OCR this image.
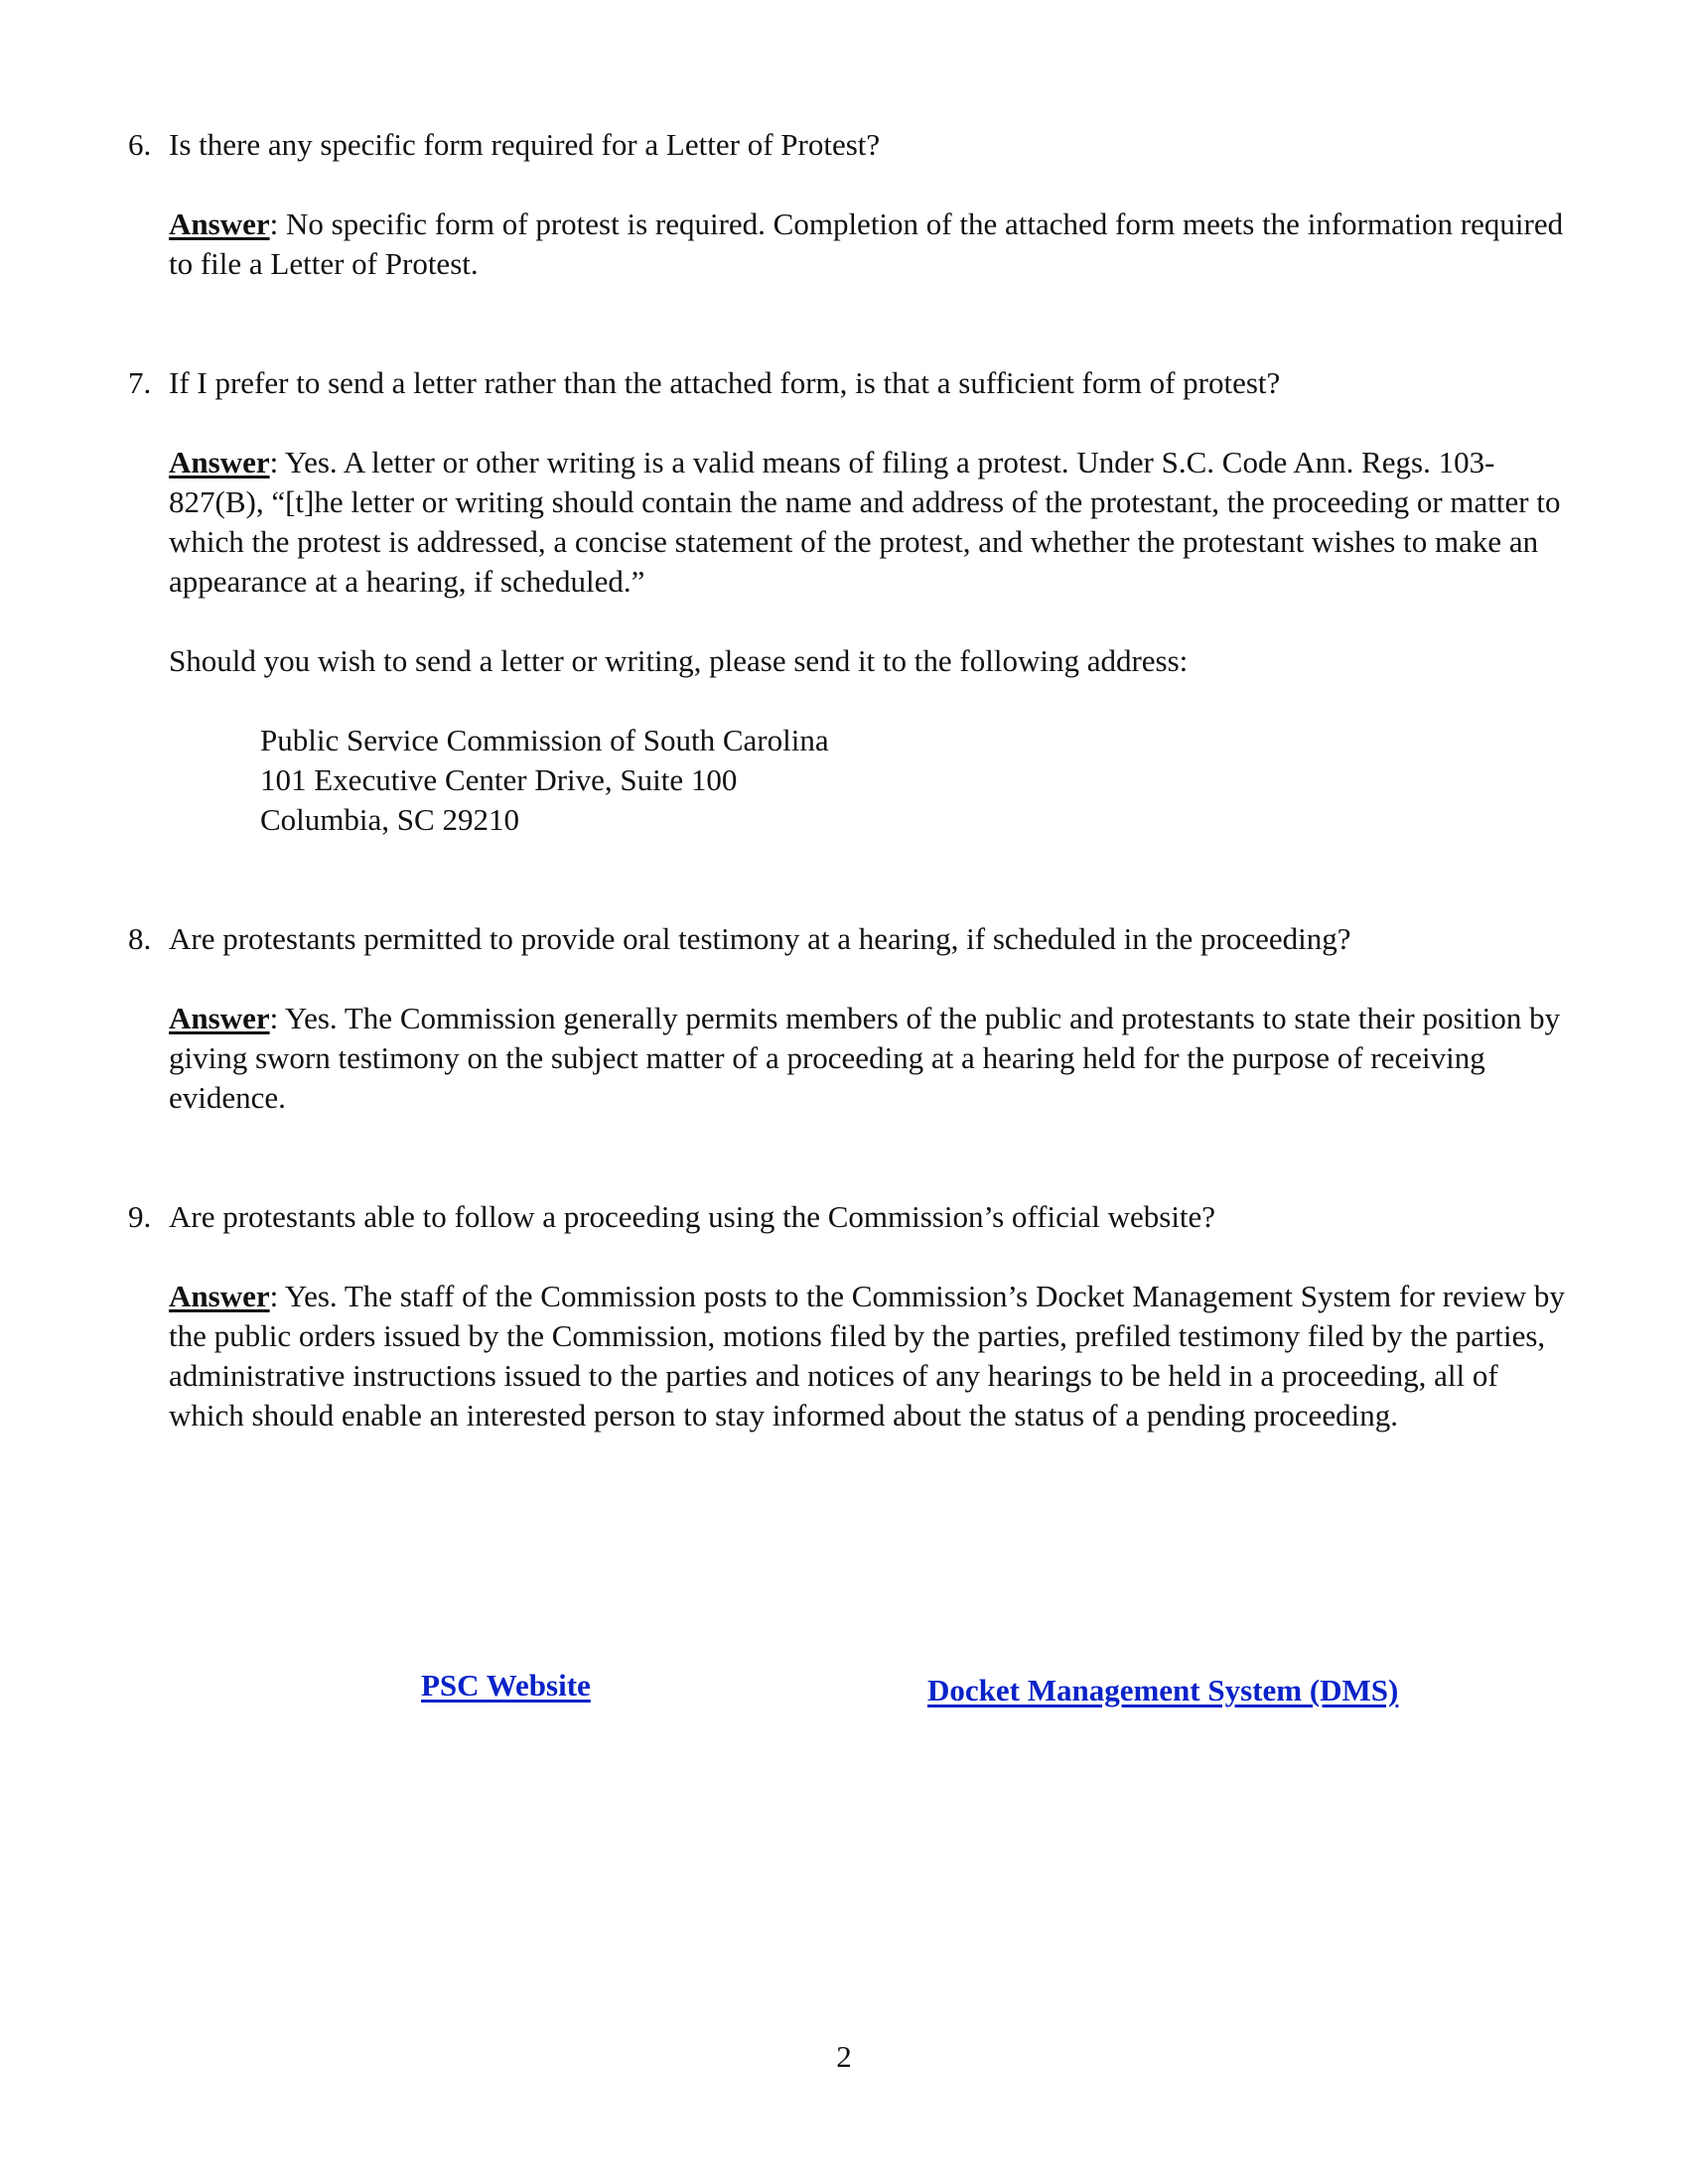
6. Is there any specific form required for a Letter of Protest?

Answer: No specific form of protest is required. Completion of the attached form meets the information required to file a Letter of Protest.

7. If I prefer to send a letter rather than the attached form, is that a sufficient form of protest?

Answer: Yes. A letter or other writing is a valid means of filing a protest. Under S.C. Code Ann. Regs. 103-827(B), “[t]he letter or writing should contain the name and address of the protestant, the proceeding or matter to which the protest is addressed, a concise statement of the protest, and whether the protestant wishes to make an appearance at a hearing, if scheduled.”

Should you wish to send a letter or writing, please send it to the following address:

Public Service Commission of South Carolina
101 Executive Center Drive, Suite 100
Columbia, SC 29210
8. Are protestants permitted to provide oral testimony at a hearing, if scheduled in the proceeding?

Answer: Yes. The Commission generally permits members of the public and protestants to state their position by giving sworn testimony on the subject matter of a proceeding at a hearing held for the purpose of receiving evidence.

9. Are protestants able to follow a proceeding using the Commission’s official website?

Answer: Yes. The staff of the Commission posts to the Commission’s Docket Management System for review by the public orders issued by the Commission, motions filed by the parties, prefiled testimony filed by the parties, administrative instructions issued to the parties and notices of any hearings to be held in a proceeding, all of which should enable an interested person to stay informed about the status of a pending proceeding.

PSC Website	Docket Management System (DMS)
2
